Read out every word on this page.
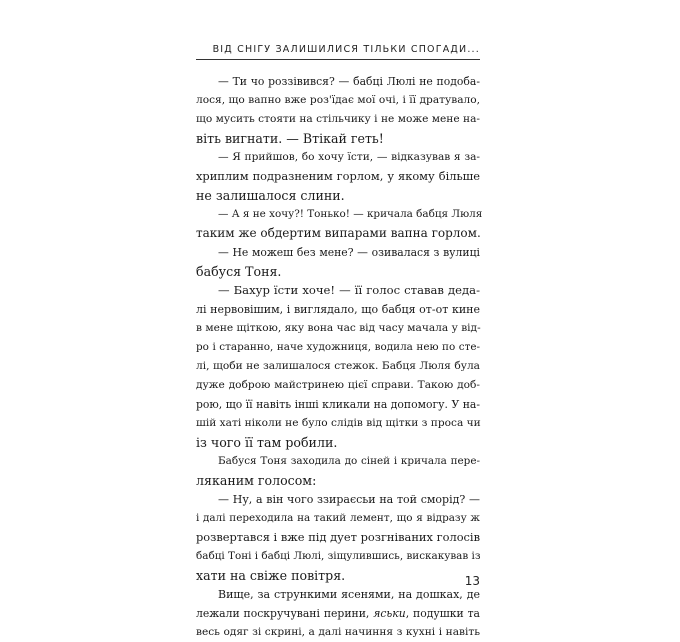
ВІД СНІГУ ЗАЛИШИЛИСЯ ТІЛЬКИ СПОГАДИ...
— Ти чо роззівився? — бабці Люлі не подоба-
лося, що вапно вже роз'їдає мої очі, і її дратувало,
що мусить стояти на стільчику і не може мене на-
віть вигнати. — Втікай геть!
— Я прийшов, бо хочу їсти, — відказував я за-
хриплим подразненим горлом, у якому більше
не залишалося слини.
— А я не хочу?! Тонько! — кричала бабця Люля
таким же обдертим випарами вапна горлом.
— Не можеш без мене? — озивалася з вулиці
бабуся Тоня.
— Бахур їсти хоче! — її голос ставав деда-
лі нервовішим, і виглядало, що бабця от-от кине
в мене щіткою, яку вона час від часу мачала у від-
ро і старанно, наче художниця, водила нею по сте-
лі, щоби не залишалося стежок. Бабця Люля була
дуже доброю майстринею цієї справи. Такою доб-
рою, що її навіть інші кликали на допомогу. У на-
шій хаті ніколи не було слідів від щітки з проса чи
із чого її там робили.
Бабуся Тоня заходила до сіней і кричала пере-
ляканим голосом:
— Ну, а він чого ззираєсьи на той сморід? —
і далі переходила на такий лемент, що я відразу ж
розвертався і вже під дует розгніваних голосів
бабці Тоні і бабці Люлі, зіщулившись, вискакував із
хати на свіже повітря.
Вище, за стрункими ясенями, на дошках, де
лежали поскручувані перини, яськи, подушки та
весь одяг зі скрині, а далі начиння з кухні і навіть
13
